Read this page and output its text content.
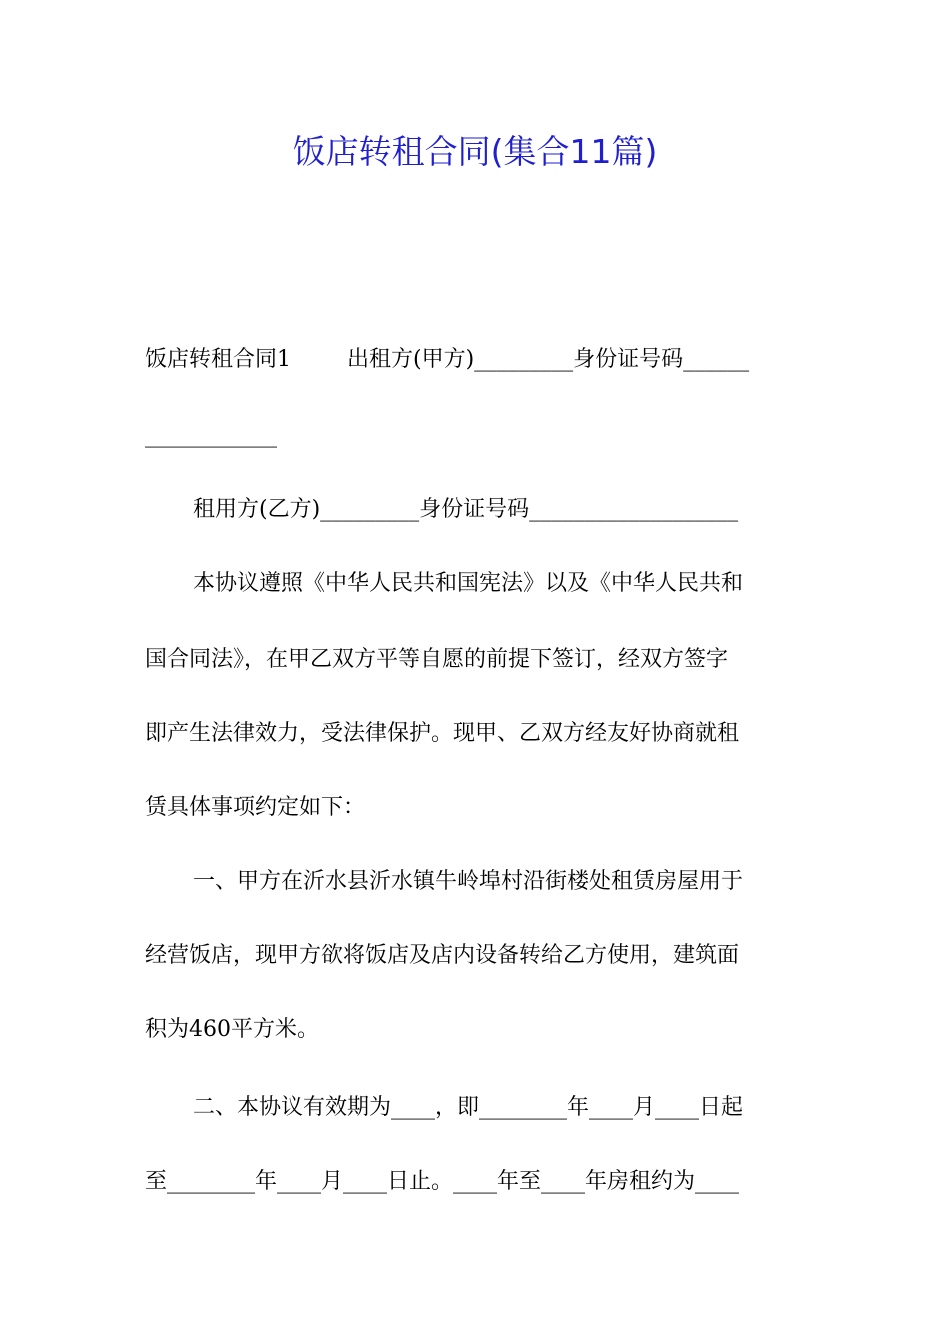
饭店转租合同(集合11篇)
饭店转租合同1	出租方(甲方)_________身份证号码______
____________
租用方(乙方)_________身份证号码___________________
本协议遵照《中华人民共和国宪法》以及《中华人民共和
国合同法》，在甲乙双方平等自愿的前提下签订，经双方签字
即产生法律效力，受法律保护。现甲、乙双方经友好协商就租
赁具体事项约定如下：
一、甲方在沂水县沂水镇牛岭埠村沿街楼处租赁房屋用于
经营饭店，现甲方欲将饭店及店内设备转给乙方使用，建筑面
积为460平方米。
二、本协议有效期为____，即________年____月____日起
至________年____月____日止。____年至____年房租约为____
